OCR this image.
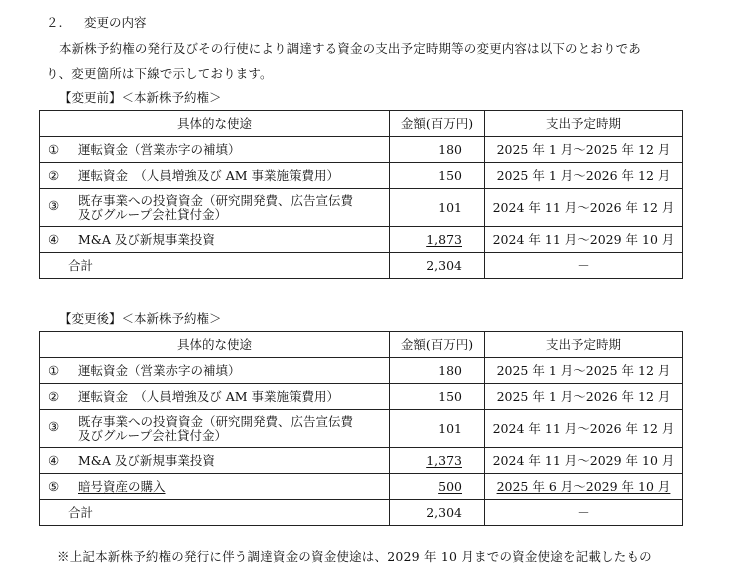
２. 変更の内容
本新株予約権の発行及びその行使により調達する資金の支出予定時期等の変更内容は以下のとおりであ
り、変更箇所は下線で示しております。
【変更前】＜本新株予約権＞
具体的な使途	金額(百万円)	支出予定時期

① 運転資金（営業赤字の補填）	180	2025 年 1 月～2025 年 12 月

② 運転資金　（人員増強及び AM 事業施策費用）	150	2025 年 1 月～2026 年 12 月

③ 既存事業への投資資金（研究開発費、広告宣伝費
及びグループ会社貸付金）	101	2024 年 11 月～2026 年 12 月

④ M&A 及び新規事業投資	1,873	2024 年 11 月～2029 年 10 月

合計	2,304	－
【変更後】＜本新株予約権＞
具体的な使途	金額(百万円)	支出予定時期

① 運転資金（営業赤字の補填）	180	2025 年 1 月～2025 年 12 月

② 運転資金　（人員増強及び AM 事業施策費用）	150	2025 年 1 月～2026 年 12 月

③ 既存事業への投資資金（研究開発費、広告宣伝費
及びグループ会社貸付金）	101	2024 年 11 月～2026 年 12 月

④ M&A 及び新規事業投資	1,373	2024 年 11 月～2029 年 10 月

⑤ 暗号資産の購入	500	2025 年 6 月～2029 年 10 月

合計	2,304	－
※上記本新株予約権の発行に伴う調達資金の資金使途は、2029 年 10 月までの資金使途を記載したもの
